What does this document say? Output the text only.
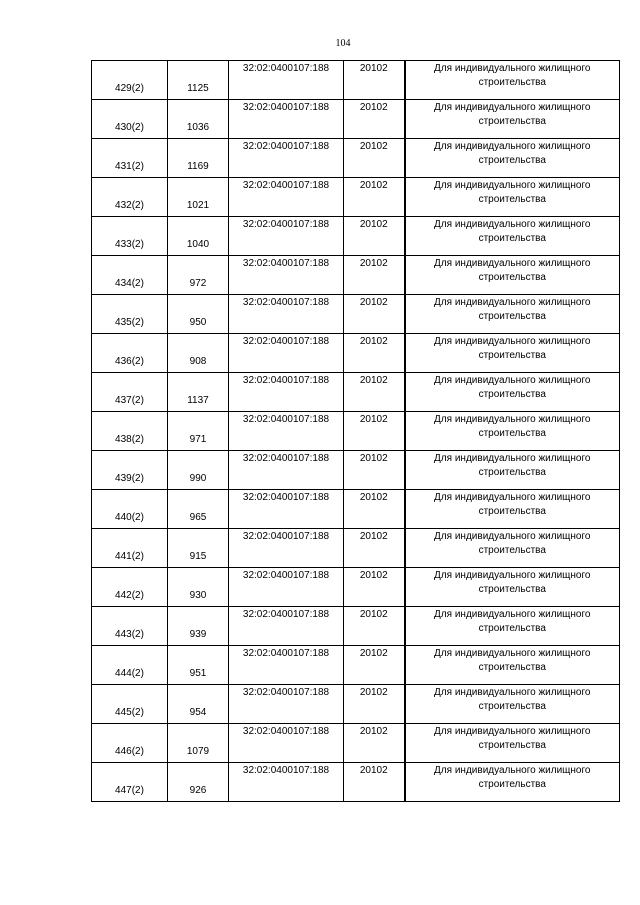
104
429(2)	1125	32:02:0400107:188	20102	Для индивидуального жилищного строительства
430(2)	1036	32:02:0400107:188	20102	Для индивидуального жилищного строительства
431(2)	1169	32:02:0400107:188	20102	Для индивидуального жилищного строительства
432(2)	1021	32:02:0400107:188	20102	Для индивидуального жилищного строительства
433(2)	1040	32:02:0400107:188	20102	Для индивидуального жилищного строительства
434(2)	972	32:02:0400107:188	20102	Для индивидуального жилищного строительства
435(2)	950	32:02:0400107:188	20102	Для индивидуального жилищного строительства
436(2)	908	32:02:0400107:188	20102	Для индивидуального жилищного строительства
437(2)	1137	32:02:0400107:188	20102	Для индивидуального жилищного строительства
438(2)	971	32:02:0400107:188	20102	Для индивидуального жилищного строительства
439(2)	990	32:02:0400107:188	20102	Для индивидуального жилищного строительства
440(2)	965	32:02:0400107:188	20102	Для индивидуального жилищного строительства
441(2)	915	32:02:0400107:188	20102	Для индивидуального жилищного строительства
442(2)	930	32:02:0400107:188	20102	Для индивидуального жилищного строительства
443(2)	939	32:02:0400107:188	20102	Для индивидуального жилищного строительства
444(2)	951	32:02:0400107:188	20102	Для индивидуального жилищного строительства
445(2)	954	32:02:0400107:188	20102	Для индивидуального жилищного строительства
446(2)	1079	32:02:0400107:188	20102	Для индивидуального жилищного строительства
447(2)	926	32:02:0400107:188	20102	Для индивидуального жилищного строительства
